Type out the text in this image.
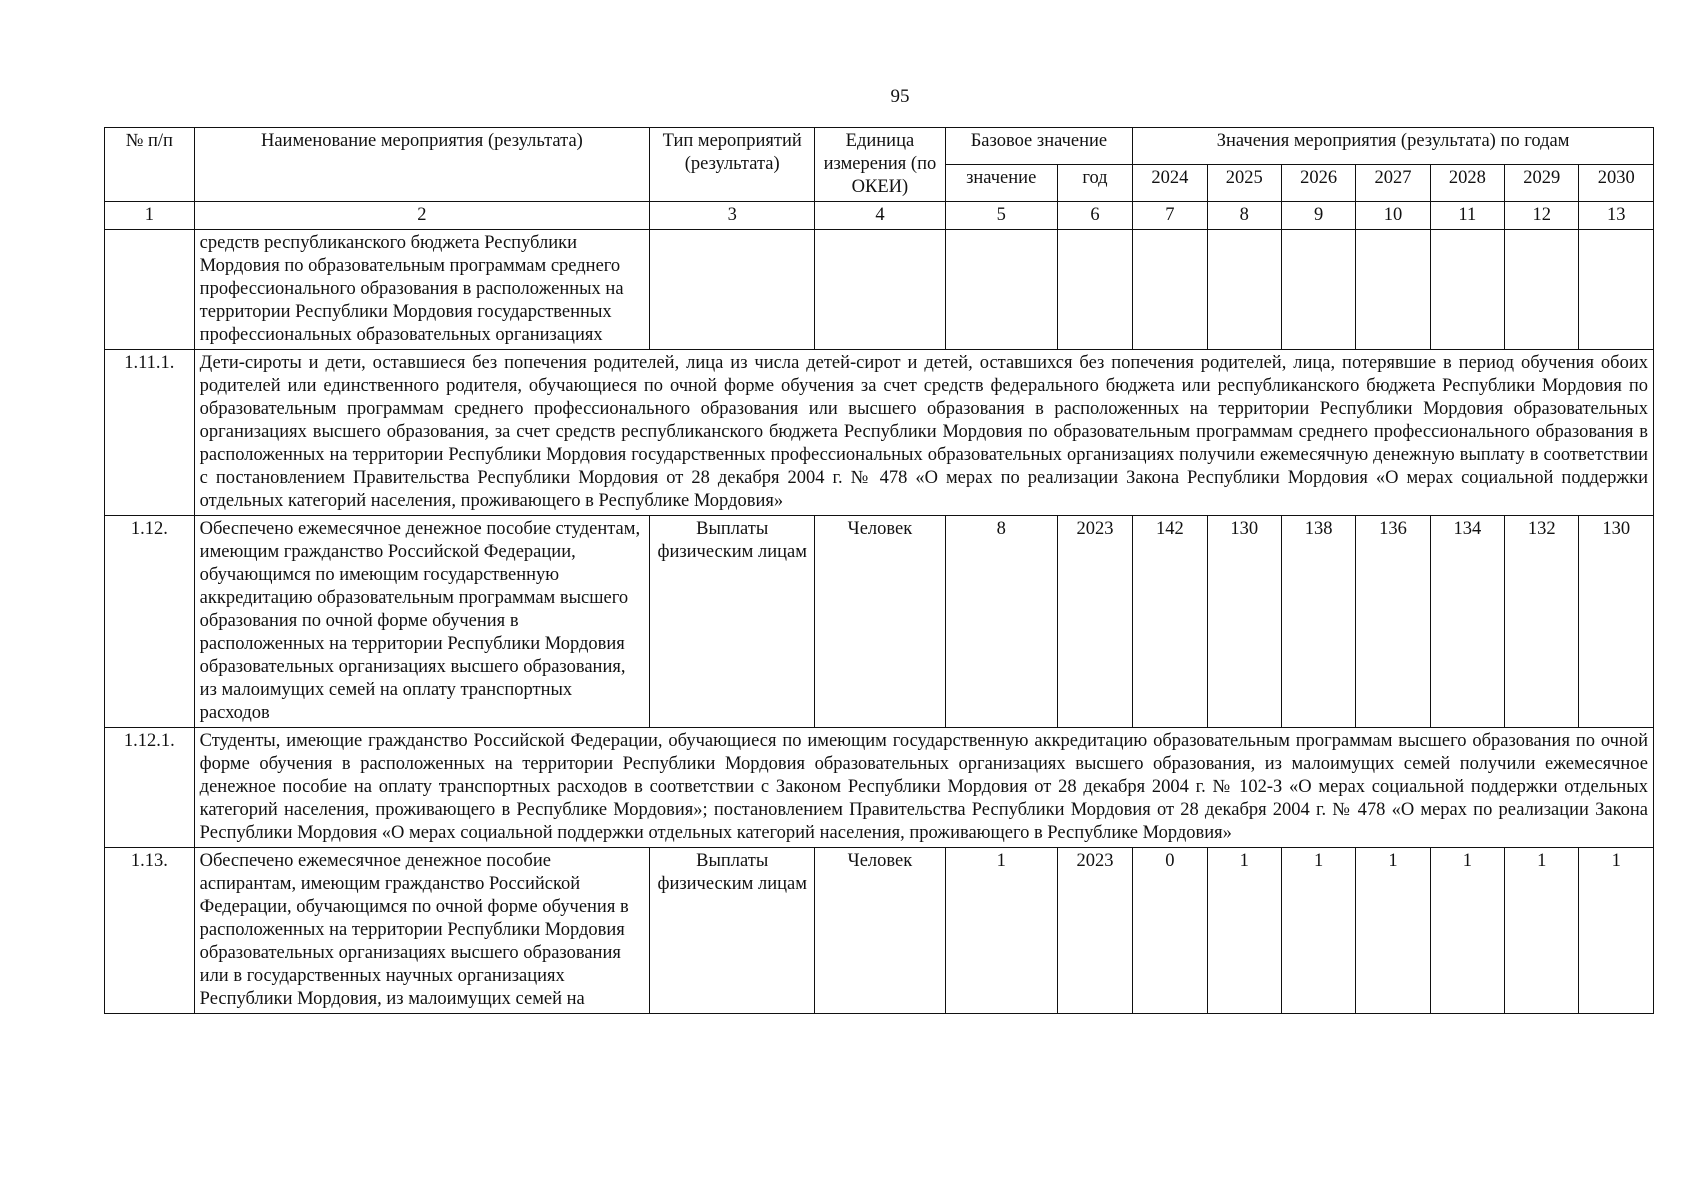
95
№ п/п	Наименование мероприятия (результата)	Тип мероприятий (результата)	Единица измерения (по ОКЕИ)	Базовое значение		Значения мероприятия (результата) по годам						
				значение	год	2024	2025	2026	2027	2028	2029	2030
1	2	3	4	5	6	7	8	9	10	11	12	13
	средств республиканского бюджета Республики Мордовия по образовательным программам среднего профессионального образования в расположенных на территории Республики Мордовия государственных профессиональных образовательных организациях											
1.11.1.	Дети-сироты и дети, оставшиеся без попечения родителей, лица из числа детей-сирот и детей, оставшихся без попечения родителей, лица, потерявшие в период обучения обоих родителей или единственного родителя, обучающиеся по очной форме обучения за счет средств федерального бюджета или республиканского бюджета Республики Мордовия по образовательным программам среднего профессионального образования или высшего образования в расположенных на территории Республики Мордовия образовательных организациях высшего образования, за счет средств республиканского бюджета Республики Мордовия по образовательным программам среднего профессионального образования в расположенных на территории Республики Мордовия государственных профессиональных образовательных организациях получили ежемесячную денежную выплату в соответствии с постановлением Правительства Республики Мордовия от 28 декабря 2004 г. № 478 «О мерах по реализации Закона Республики Мордовия «О мерах социальной поддержки отдельных категорий населения, проживающего в Республике Мордовия»											
1.12.	Обеспечено ежемесячное денежное пособие студентам, имеющим гражданство Российской Федерации, обучающимся по имеющим государственную аккредитацию образовательным программам высшего образования по очной форме обучения в расположенных на территории Республики Мордовия образовательных организациях высшего образования, из малоимущих семей на оплату транспортных расходов	Выплаты физическим лицам	Человек	8	2023	142	130	138	136	134	132	130
1.12.1.	Студенты, имеющие гражданство Российской Федерации, обучающиеся по имеющим государственную аккредитацию образовательным программам высшего образования по очной форме обучения в расположенных на территории Республики Мордовия образовательных организациях высшего образования, из малоимущих семей получили ежемесячное денежное пособие на оплату транспортных расходов в соответствии с Законом Республики Мордовия от 28 декабря 2004 г. № 102-З «О мерах социальной поддержки отдельных категорий населения, проживающего в Республике Мордовия»; постановлением Правительства Республики Мордовия от 28 декабря 2004 г. № 478 «О мерах по реализации Закона Республики Мордовия «О мерах социальной поддержки отдельных категорий населения, проживающего в Республике Мордовия»											
1.13.	Обеспечено ежемесячное денежное пособие аспирантам, имеющим гражданство Российской Федерации, обучающимся по очной форме обучения в расположенных на территории Республики Мордовия образовательных организациях высшего образования или в государственных научных организациях Республики Мордовия, из малоимущих семей на	Выплаты физическим лицам	Человек	1	2023	0	1	1	1	1	1	1
